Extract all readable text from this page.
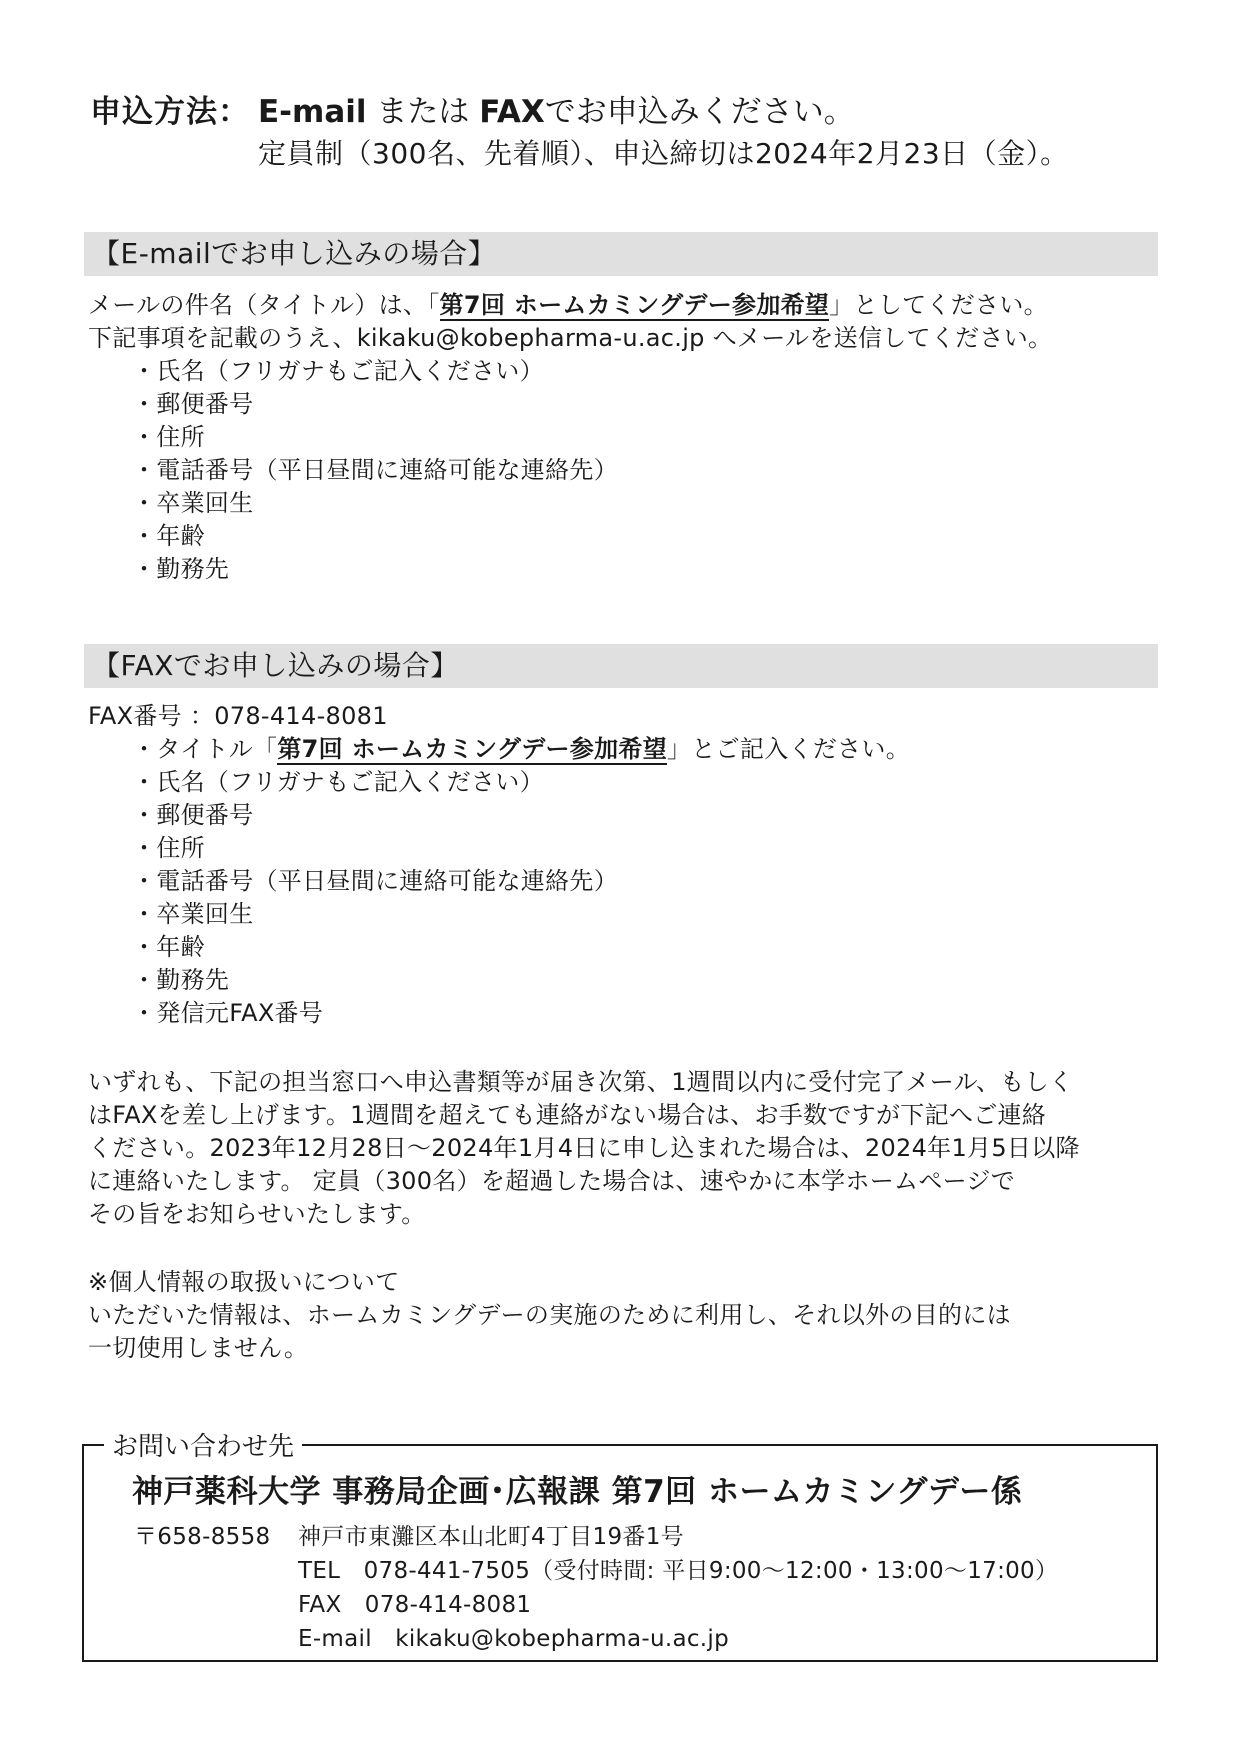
申込方法： E-mail または FAXでお申込みください。
定員制（300名、先着順）、申込締切は2024年2月23日（金）。
【E-mailでお申し込みの場合】
メールの件名（タイトル）は、「第7回 ホームカミングデー参加希望」としてください。
下記事項を記載のうえ、kikaku@kobepharma-u.ac.jp へメールを送信してください。
・氏名（フリガナもご記入ください）
・郵便番号
・住所
・電話番号（平日昼間に連絡可能な連絡先）
・卒業回生
・年齢
・勤務先
【FAXでお申し込みの場合】
FAX番号 ：078-414-8081
・タイトル「第7回 ホームカミングデー参加希望」とご記入ください。
・氏名（フリガナもご記入ください）
・郵便番号
・住所
・電話番号（平日昼間に連絡可能な連絡先）
・卒業回生
・年齢
・勤務先
・発信元FAX番号
いずれも、下記の担当窓口へ申込書類等が届き次第、1週間以内に受付完了メール、もしく
はFAXを差し上げます。1週間を超えても連絡がない場合は、お手数ですが下記へご連絡
ください。2023年12月28日～2024年1月4日に申し込まれた場合は、2024年1月5日以降
に連絡いたします。 定員（300名）を超過した場合は、速やかに本学ホームページで
その旨をお知らせいたします。
※個人情報の取扱いについて
いただいた情報は、ホームカミングデーの実施のために利用し、それ以外の目的には
一切使用しません。
お問い合わせ先
神戸薬科大学 事務局企画･広報課 第7回 ホームカミングデー係
〒658-8558 神戸市東灘区本山北町4丁目19番1号
TEL　078-441-7505（受付時間: 平日9:00～12:00・13:00～17:00）
FAX　078-414-8081
E-mail　kikaku@kobepharma-u.ac.jp
